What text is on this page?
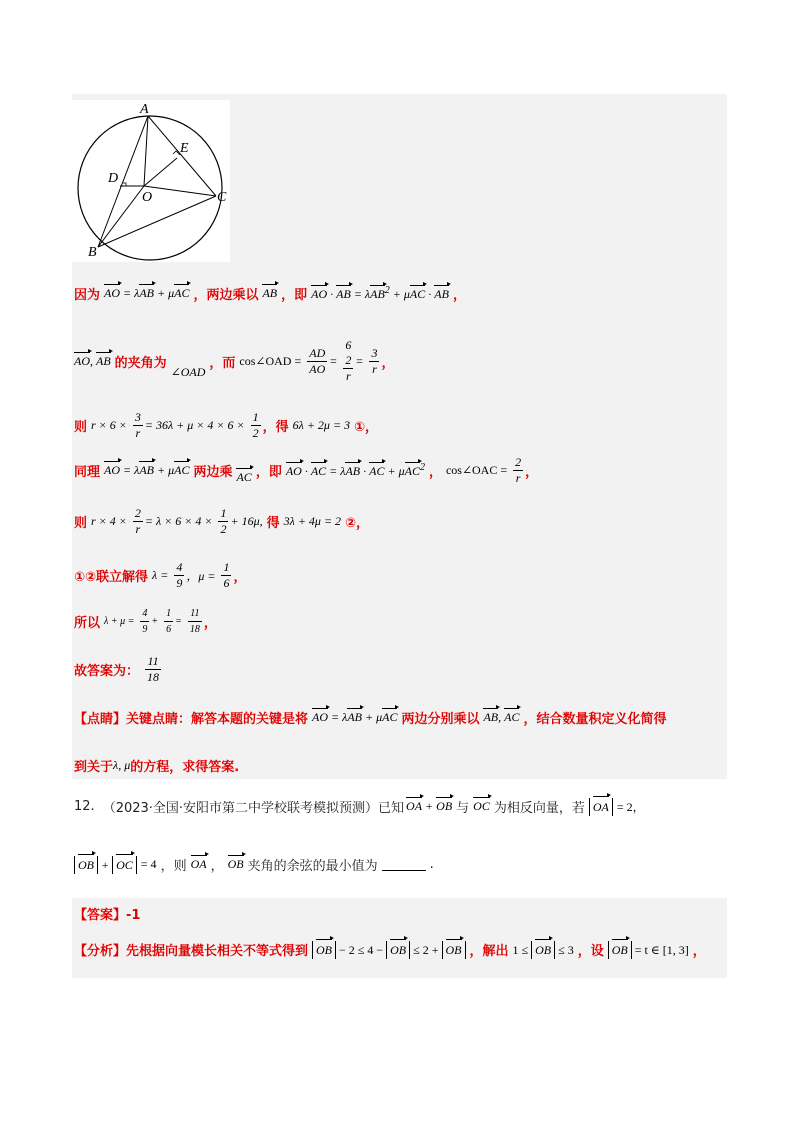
A
E
D
O	C
B
因为 AO = λAB + μAC ，两边乘以 AB ，即 AO · AB = λAB$^2$ + μAC · AB ，
AO, AB 的夹角为
∠OAD
，而 cos∠OAD = $\frac{AD}{AO}$ =
6
2
r
= $\frac{3}{r}$ ，
则 $r \times 6 \times \frac{3}{r} = 36\lambda + \mu \times 4 \times 6 \times \frac{1}{2}$ ，得 6λ + 2μ = 3 ①，
同理 AO = λAB + μAC 两边乘 AC ，即 AO · AC = λAB · AC + μAC$^2$ ， cos∠OAC = $\frac{2}{r}$ ，
则 $r \times 4 \times \frac{2}{r} = \lambda \times 6 \times 4 \times \frac{1}{2} + 16\mu$, 得 3λ + 4μ = 2 ②，
①②联立解得 $\lambda = \frac{4}{9}$ ，$\mu = \frac{1}{6}$ ，
所以 $\lambda + \mu = \frac{4}{9} + \frac{1}{6} = \frac{11}{18}$ ，
故答案为： $\frac{11}{18}$
【点睛】关键点睛：解答本题的关键是将 AO = λAB + μAC 两边分别乘以 AB, AC ，结合数量积定义化简得
到关于 λ, μ 的方程，求得答案.
12. （2023·全国·安阳市第二中学校联考模拟预测）已知 OA + OB 与 OC 为相反向量，若 OA = 2，
OB + OC = 4 ，则 OA ， OB 夹角的余弦的最小值为	.
【答案】-1
【分析】先根据向量模长相关不等式得到 OB − 2 ≤ 4 − OB ≤ 2 + OB ，解出 1 ≤ OB ≤ 3 ，设 OB = t ∈ [1, 3] ，
